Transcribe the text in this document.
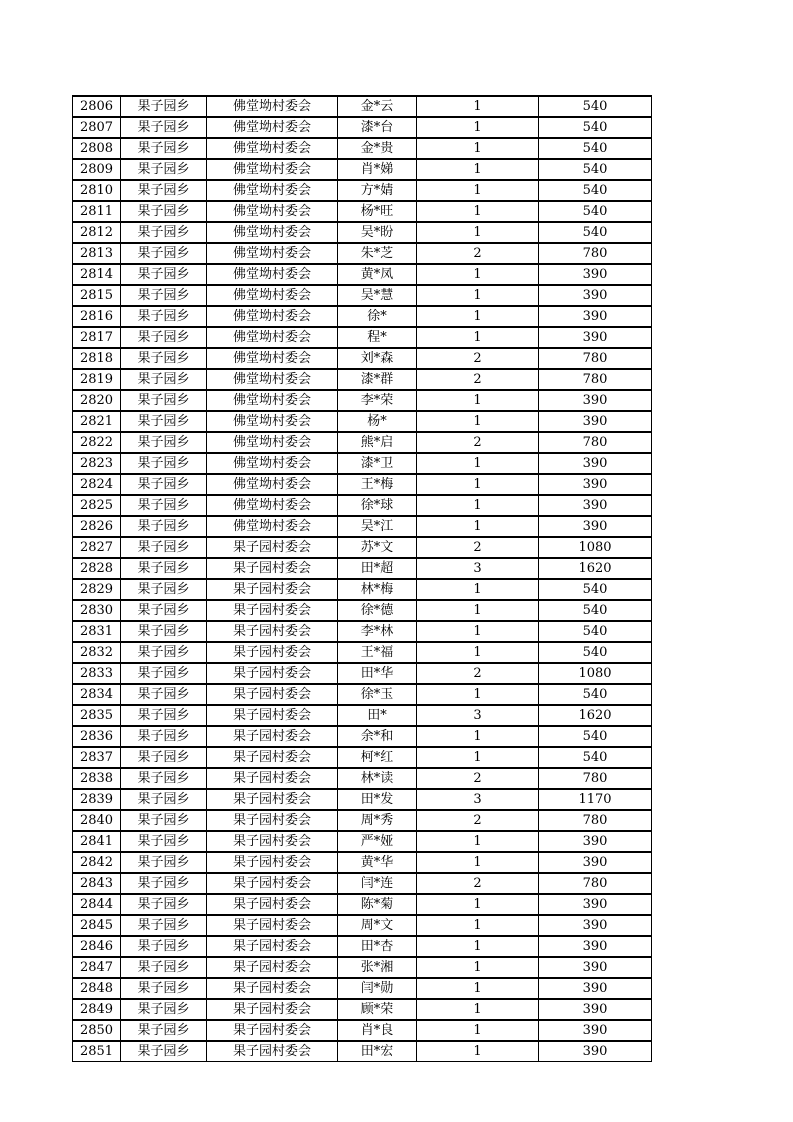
2806	果子园乡	佛堂坳村委会	金*云	1	540
2807	果子园乡	佛堂坳村委会	漆*台	1	540
2808	果子园乡	佛堂坳村委会	金*贵	1	540
2809	果子园乡	佛堂坳村委会	肖*娣	1	540
2810	果子园乡	佛堂坳村委会	方*婧	1	540
2811	果子园乡	佛堂坳村委会	杨*旺	1	540
2812	果子园乡	佛堂坳村委会	吴*盼	1	540
2813	果子园乡	佛堂坳村委会	朱*芝	2	780
2814	果子园乡	佛堂坳村委会	黄*凤	1	390
2815	果子园乡	佛堂坳村委会	吴*慧	1	390
2816	果子园乡	佛堂坳村委会	徐*	1	390
2817	果子园乡	佛堂坳村委会	程*	1	390
2818	果子园乡	佛堂坳村委会	刘*森	2	780
2819	果子园乡	佛堂坳村委会	漆*群	2	780
2820	果子园乡	佛堂坳村委会	李*荣	1	390
2821	果子园乡	佛堂坳村委会	杨*	1	390
2822	果子园乡	佛堂坳村委会	熊*启	2	780
2823	果子园乡	佛堂坳村委会	漆*卫	1	390
2824	果子园乡	佛堂坳村委会	王*梅	1	390
2825	果子园乡	佛堂坳村委会	徐*球	1	390
2826	果子园乡	佛堂坳村委会	吴*江	1	390
2827	果子园乡	果子园村委会	苏*文	2	1080
2828	果子园乡	果子园村委会	田*超	3	1620
2829	果子园乡	果子园村委会	林*梅	1	540
2830	果子园乡	果子园村委会	徐*德	1	540
2831	果子园乡	果子园村委会	李*林	1	540
2832	果子园乡	果子园村委会	王*福	1	540
2833	果子园乡	果子园村委会	田*华	2	1080
2834	果子园乡	果子园村委会	徐*玉	1	540
2835	果子园乡	果子园村委会	田*	3	1620
2836	果子园乡	果子园村委会	余*和	1	540
2837	果子园乡	果子园村委会	柯*红	1	540
2838	果子园乡	果子园村委会	林*读	2	780
2839	果子园乡	果子园村委会	田*发	3	1170
2840	果子园乡	果子园村委会	周*秀	2	780
2841	果子园乡	果子园村委会	严*娅	1	390
2842	果子园乡	果子园村委会	黄*华	1	390
2843	果子园乡	果子园村委会	闫*连	2	780
2844	果子园乡	果子园村委会	陈*菊	1	390
2845	果子园乡	果子园村委会	周*文	1	390
2846	果子园乡	果子园村委会	田*杏	1	390
2847	果子园乡	果子园村委会	张*湘	1	390
2848	果子园乡	果子园村委会	闫*勋	1	390
2849	果子园乡	果子园村委会	顾*荣	1	390
2850	果子园乡	果子园村委会	肖*良	1	390
2851	果子园乡	果子园村委会	田*宏	1	390
